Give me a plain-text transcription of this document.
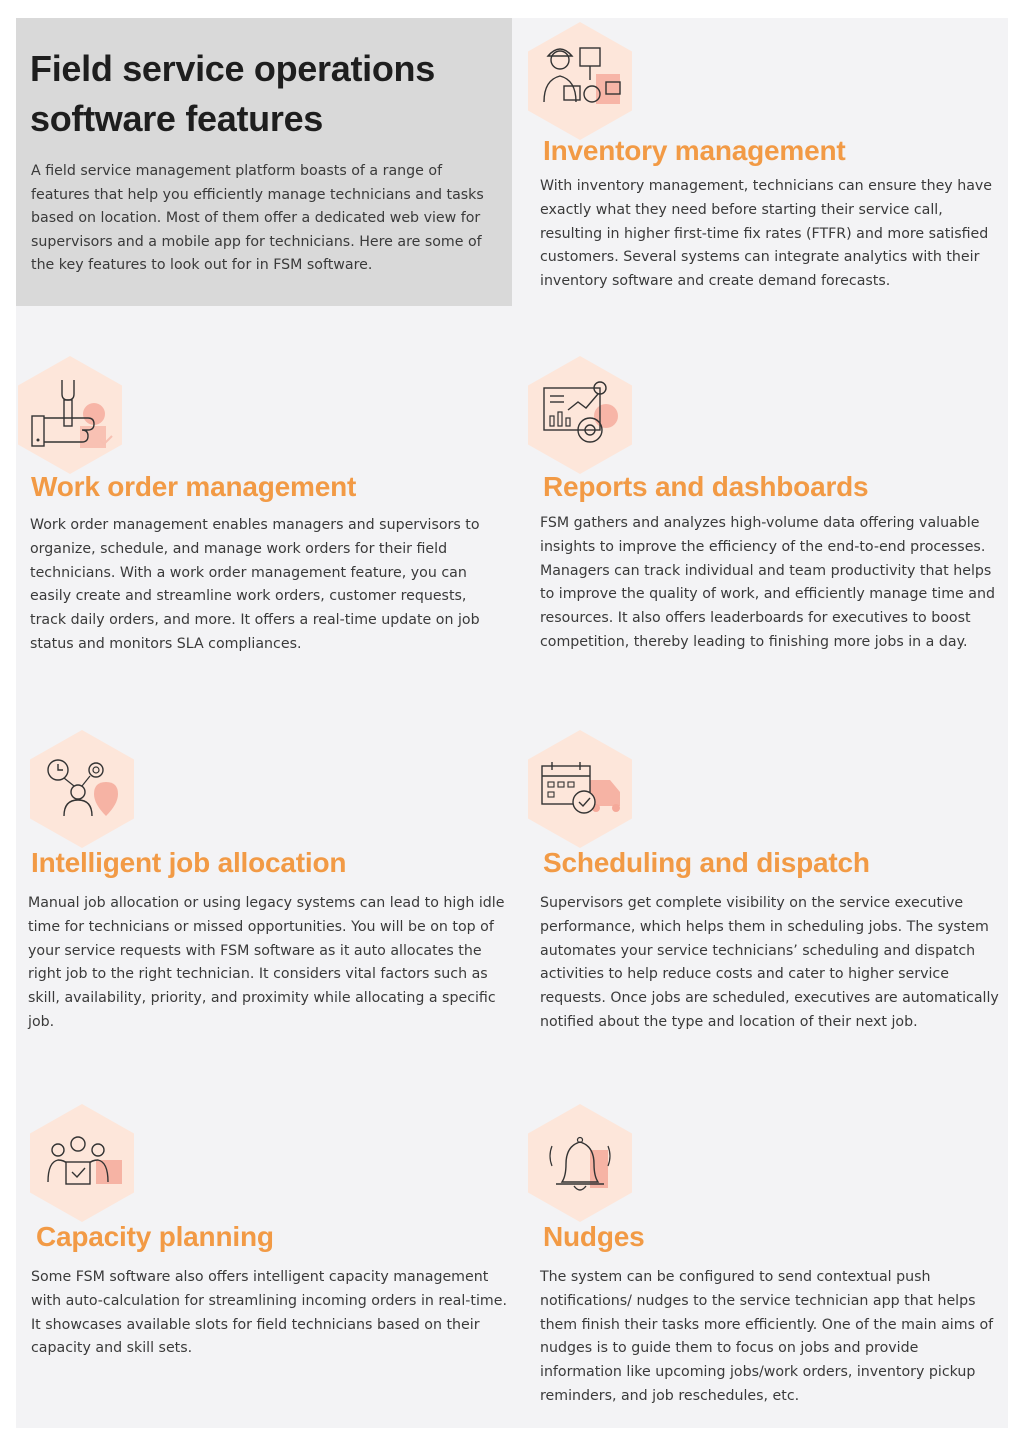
Field service operations
software features

A field service management platform boasts of a range of features that help you efficiently manage technicians and tasks based on location. Most of them offer a dedicated web view for supervisors and a mobile app for technicians. Here are some of the key features to look out for in FSM software.

Inventory management

With inventory management, technicians can ensure they have exactly what they need before starting their service call, resulting in higher first-time fix rates (FTFR) and more satisfied customers. Several systems can integrate analytics with their inventory software and create demand forecasts.

Work order management

Work order management enables managers and supervisors to organize, schedule, and manage work orders for their field technicians. With a work order management feature, you can easily create and streamline work orders, customer requests, track daily orders, and more. It offers a real-time update on job status and monitors SLA compliances.

Reports and dashboards

FSM gathers and analyzes high-volume data offering valuable insights to improve the efficiency of the end-to-end processes. Managers can track individual and team productivity that helps to improve the quality of work, and efficiently manage time and resources. It also offers leaderboards for executives to boost competition, thereby leading to finishing more jobs in a day.

Intelligent job allocation

Manual job allocation or using legacy systems can lead to high idle time for technicians or missed opportunities. You will be on top of your service requests with FSM software as it auto allocates the right job to the right technician. It considers vital factors such as skill, availability, priority, and proximity while allocating a specific job.

Scheduling and dispatch

Supervisors get complete visibility on the service executive performance, which helps them in scheduling jobs. The system automates your service technicians’ scheduling and dispatch activities to help reduce costs and cater to higher service requests. Once jobs are scheduled, executives are automatically notified about the type and location of their next job.

Capacity planning

Some FSM software also offers intelligent capacity management with auto-calculation for streamlining incoming orders in real-time. It showcases available slots for field technicians based on their capacity and skill sets.

Nudges

The system can be configured to send contextual push notifications/ nudges to the service technician app that helps them finish their tasks more efficiently. One of the main aims of nudges is to guide them to focus on jobs and provide information like upcoming jobs/work orders, inventory pickup reminders, and job reschedules, etc.
